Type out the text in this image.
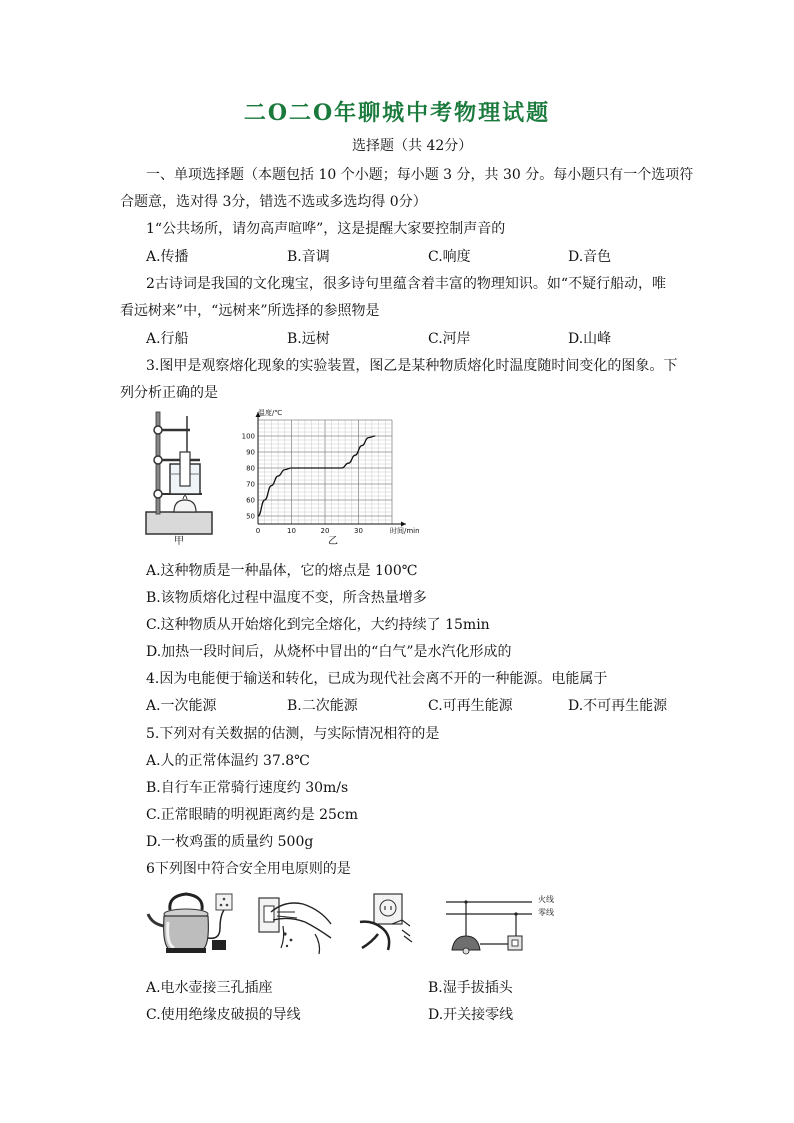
二O二O年聊城中考物理试题
选择题（共 42分）
一、单项选择题（本题包括 10 个小题；每小题 3 分，共 30 分。每小题只有一个选项符
合题意，选对得 3分，错选不选或多选均得 0分）
1“公共场所，请勿高声喧哗”，这是提醒大家要控制声音的
A.传播	B.音调	C.响度	D.音色
2古诗词是我国的文化瑰宝，很多诗句里蕴含着丰富的物理知识。如“不疑行船动，唯
看远树来”中，“远树来”所选择的参照物是
A.行船	B.远树	C.河岸	D.山峰
3.图甲是观察熔化现象的实验装置，图乙是某种物质熔化时温度随时间变化的图象。下
列分析正确的是
甲
0	10	20	30
50
60
70
80
90
100
温度/℃
时间/min
乙
A.这种物质是一种晶体，它的熔点是 100℃
B.该物质熔化过程中温度不变，所含热量增多
C.这种物质从开始熔化到完全熔化，大约持续了 15min
D.加热一段时间后，从烧杯中冒出的“白气”是水汽化形成的
4.因为电能便于输送和转化，已成为现代社会离不开的一种能源。电能属于
A.一次能源	B.二次能源	C.可再生能源	D.不可再生能源
5.下列对有关数据的估测，与实际情况相符的是
A.人的正常体温约 37.8℃
B.自行车正常骑行速度约 30m/s
C.正常眼睛的明视距离约是 25cm
D.一枚鸡蛋的质量约 500g
6下列图中符合安全用电原则的是
火线
零线
A.电水壶接三孔插座	B.湿手拔插头
C.使用绝缘皮破损的导线	D.开关接零线
